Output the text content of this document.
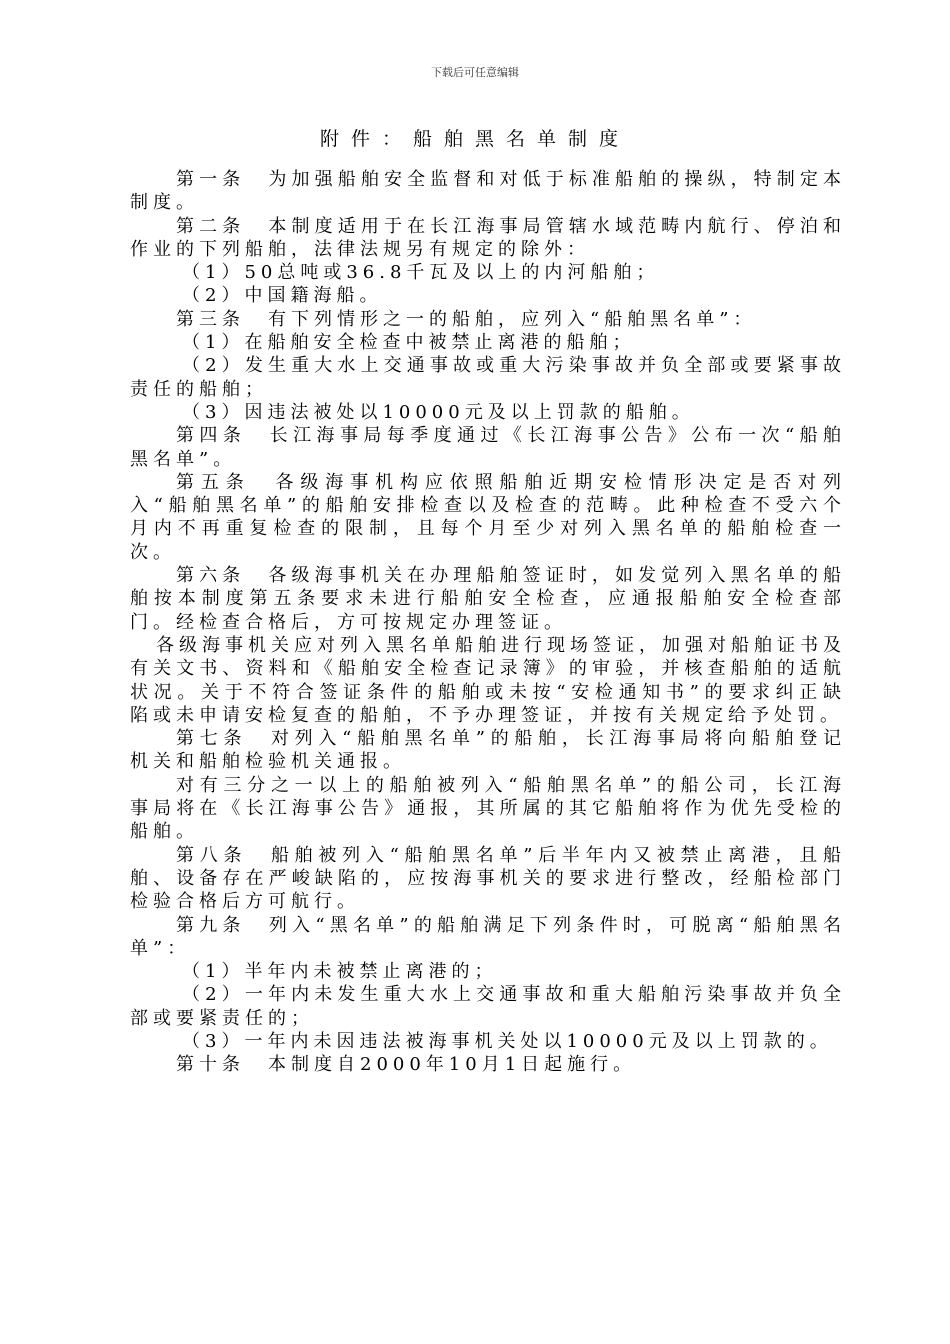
下载后可任意编辑
附件：船舶黑名单制度

第一条　为加强船舶安全监督和对低于标准船舶的操纵，特制定本制度。

第二条　本制度适用于在长江海事局管辖水域范畴内航行、停泊和作业的下列船舶，法律法规另有规定的除外：

（1）50总吨或36.8千瓦及以上的内河船舶；

（2）中国籍海船。

第三条　有下列情形之一的船舶，应列入“船舶黑名单”：

（1）在船舶安全检查中被禁止离港的船舶；

（2）发生重大水上交通事故或重大污染事故并负全部或要紧事故责任的船舶；

（3）因违法被处以10000元及以上罚款的船舶。

第四条　长江海事局每季度通过《长江海事公告》公布一次“船舶黑名单”。

第五条　各级海事机构应依照船舶近期安检情形决定是否对列入“船舶黑名单”的船舶安排检查以及检查的范畴。此种检查不受六个月内不再重复检查的限制，且每个月至少对列入黑名单的船舶检查一次。

第六条　各级海事机关在办理船舶签证时，如发觉列入黑名单的船舶按本制度第五条要求未进行船舶安全检查，应通报船舶安全检查部门。经检查合格后，方可按规定办理签证。

各级海事机关应对列入黑名单船舶进行现场签证，加强对船舶证书及有关文书、资料和《船舶安全检查记录簿》的审验，并核查船舶的适航状况。关于不符合签证条件的船舶或未按“安检通知书”的要求纠正缺陷或未申请安检复查的船舶，不予办理签证，并按有关规定给予处罚。

第七条　对列入“船舶黑名单”的船舶，长江海事局将向船舶登记机关和船舶检验机关通报。

对有三分之一以上的船舶被列入“船舶黑名单”的船公司，长江海事局将在《长江海事公告》通报，其所属的其它船舶将作为优先受检的船舶。

第八条　船舶被列入“船舶黑名单”后半年内又被禁止离港，且船舶、设备存在严峻缺陷的，应按海事机关的要求进行整改，经船检部门检验合格后方可航行。

第九条　列入“黑名单”的船舶满足下列条件时，可脱离“船舶黑名单”：

（1）半年内未被禁止离港的；

（2）一年内未发生重大水上交通事故和重大船舶污染事故并负全部或要紧责任的；

（3）一年内未因违法被海事机关处以10000元及以上罚款的。

第十条　本制度自2000年10月1日起施行。
